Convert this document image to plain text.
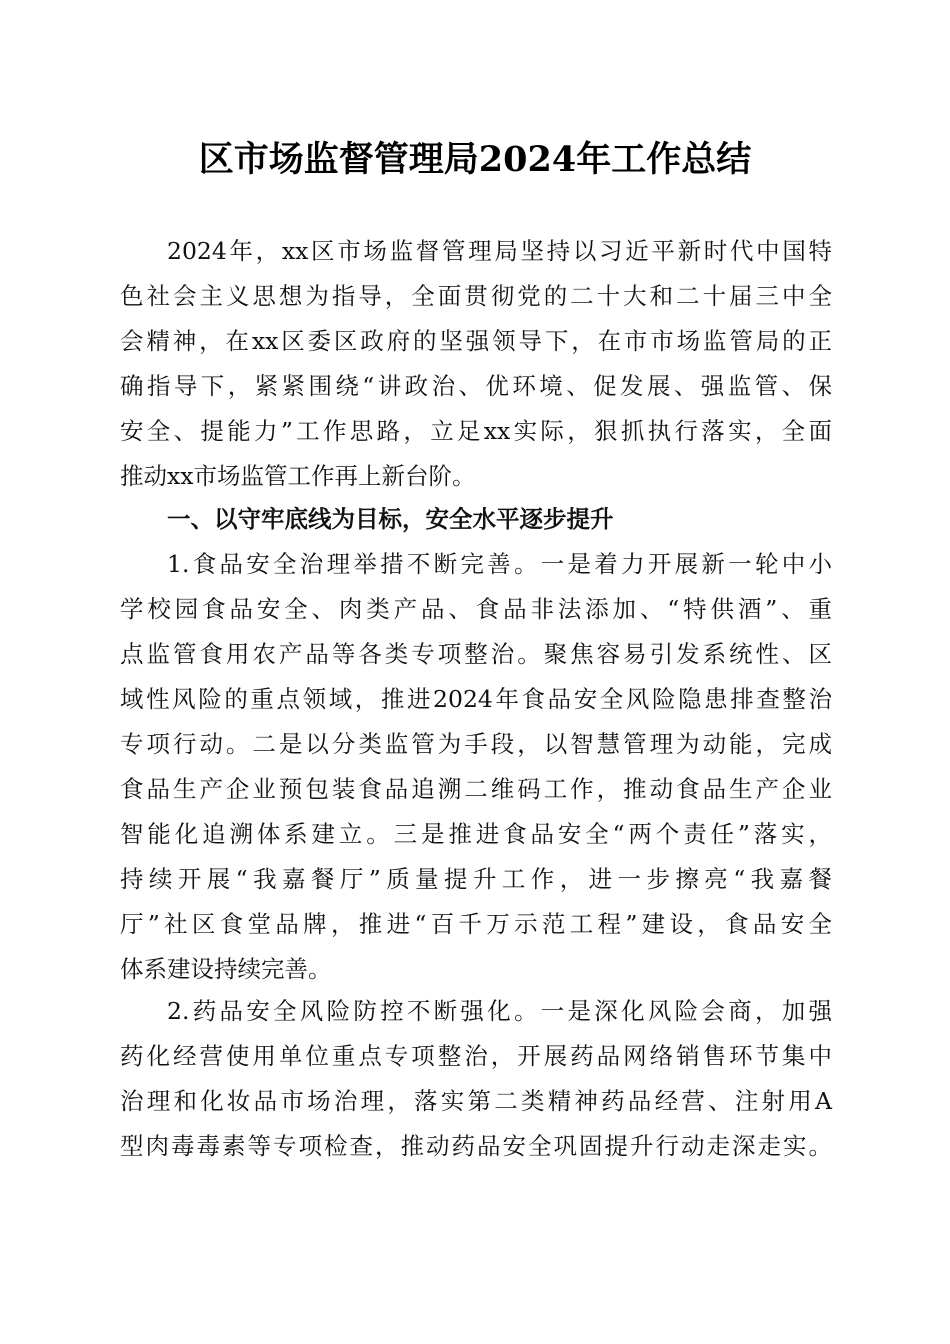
区市场监督管理局2024年工作总结
2024年，xx区市场监督管理局坚持以习近平新时代中国特
色社会主义思想为指导，全面贯彻党的二十大和二十届三中全
会精神，在xx区委区政府的坚强领导下，在市市场监管局的正
确指导下，紧紧围绕“讲政治、优环境、促发展、强监管、保
安全、提能力”工作思路，立足xx实际，狠抓执行落实，全面
推动xx市场监管工作再上新台阶。
一、以守牢底线为目标，安全水平逐步提升
1.食品安全治理举措不断完善。一是着力开展新一轮中小
学校园食品安全、肉类产品、食品非法添加、“特供酒”、重
点监管食用农产品等各类专项整治。聚焦容易引发系统性、区
域性风险的重点领域，推进2024年食品安全风险隐患排查整治
专项行动。二是以分类监管为手段，以智慧管理为动能，完成
食品生产企业预包装食品追溯二维码工作，推动食品生产企业
智能化追溯体系建立。三是推进食品安全“两个责任”落实，
持续开展“我嘉餐厅”质量提升工作，进一步擦亮“我嘉餐
厅”社区食堂品牌，推进“百千万示范工程”建设，食品安全
体系建设持续完善。
2.药品安全风险防控不断强化。一是深化风险会商，加强
药化经营使用单位重点专项整治，开展药品网络销售环节集中
治理和化妆品市场治理，落实第二类精神药品经营、注射用A
型肉毒毒素等专项检查，推动药品安全巩固提升行动走深走实。
